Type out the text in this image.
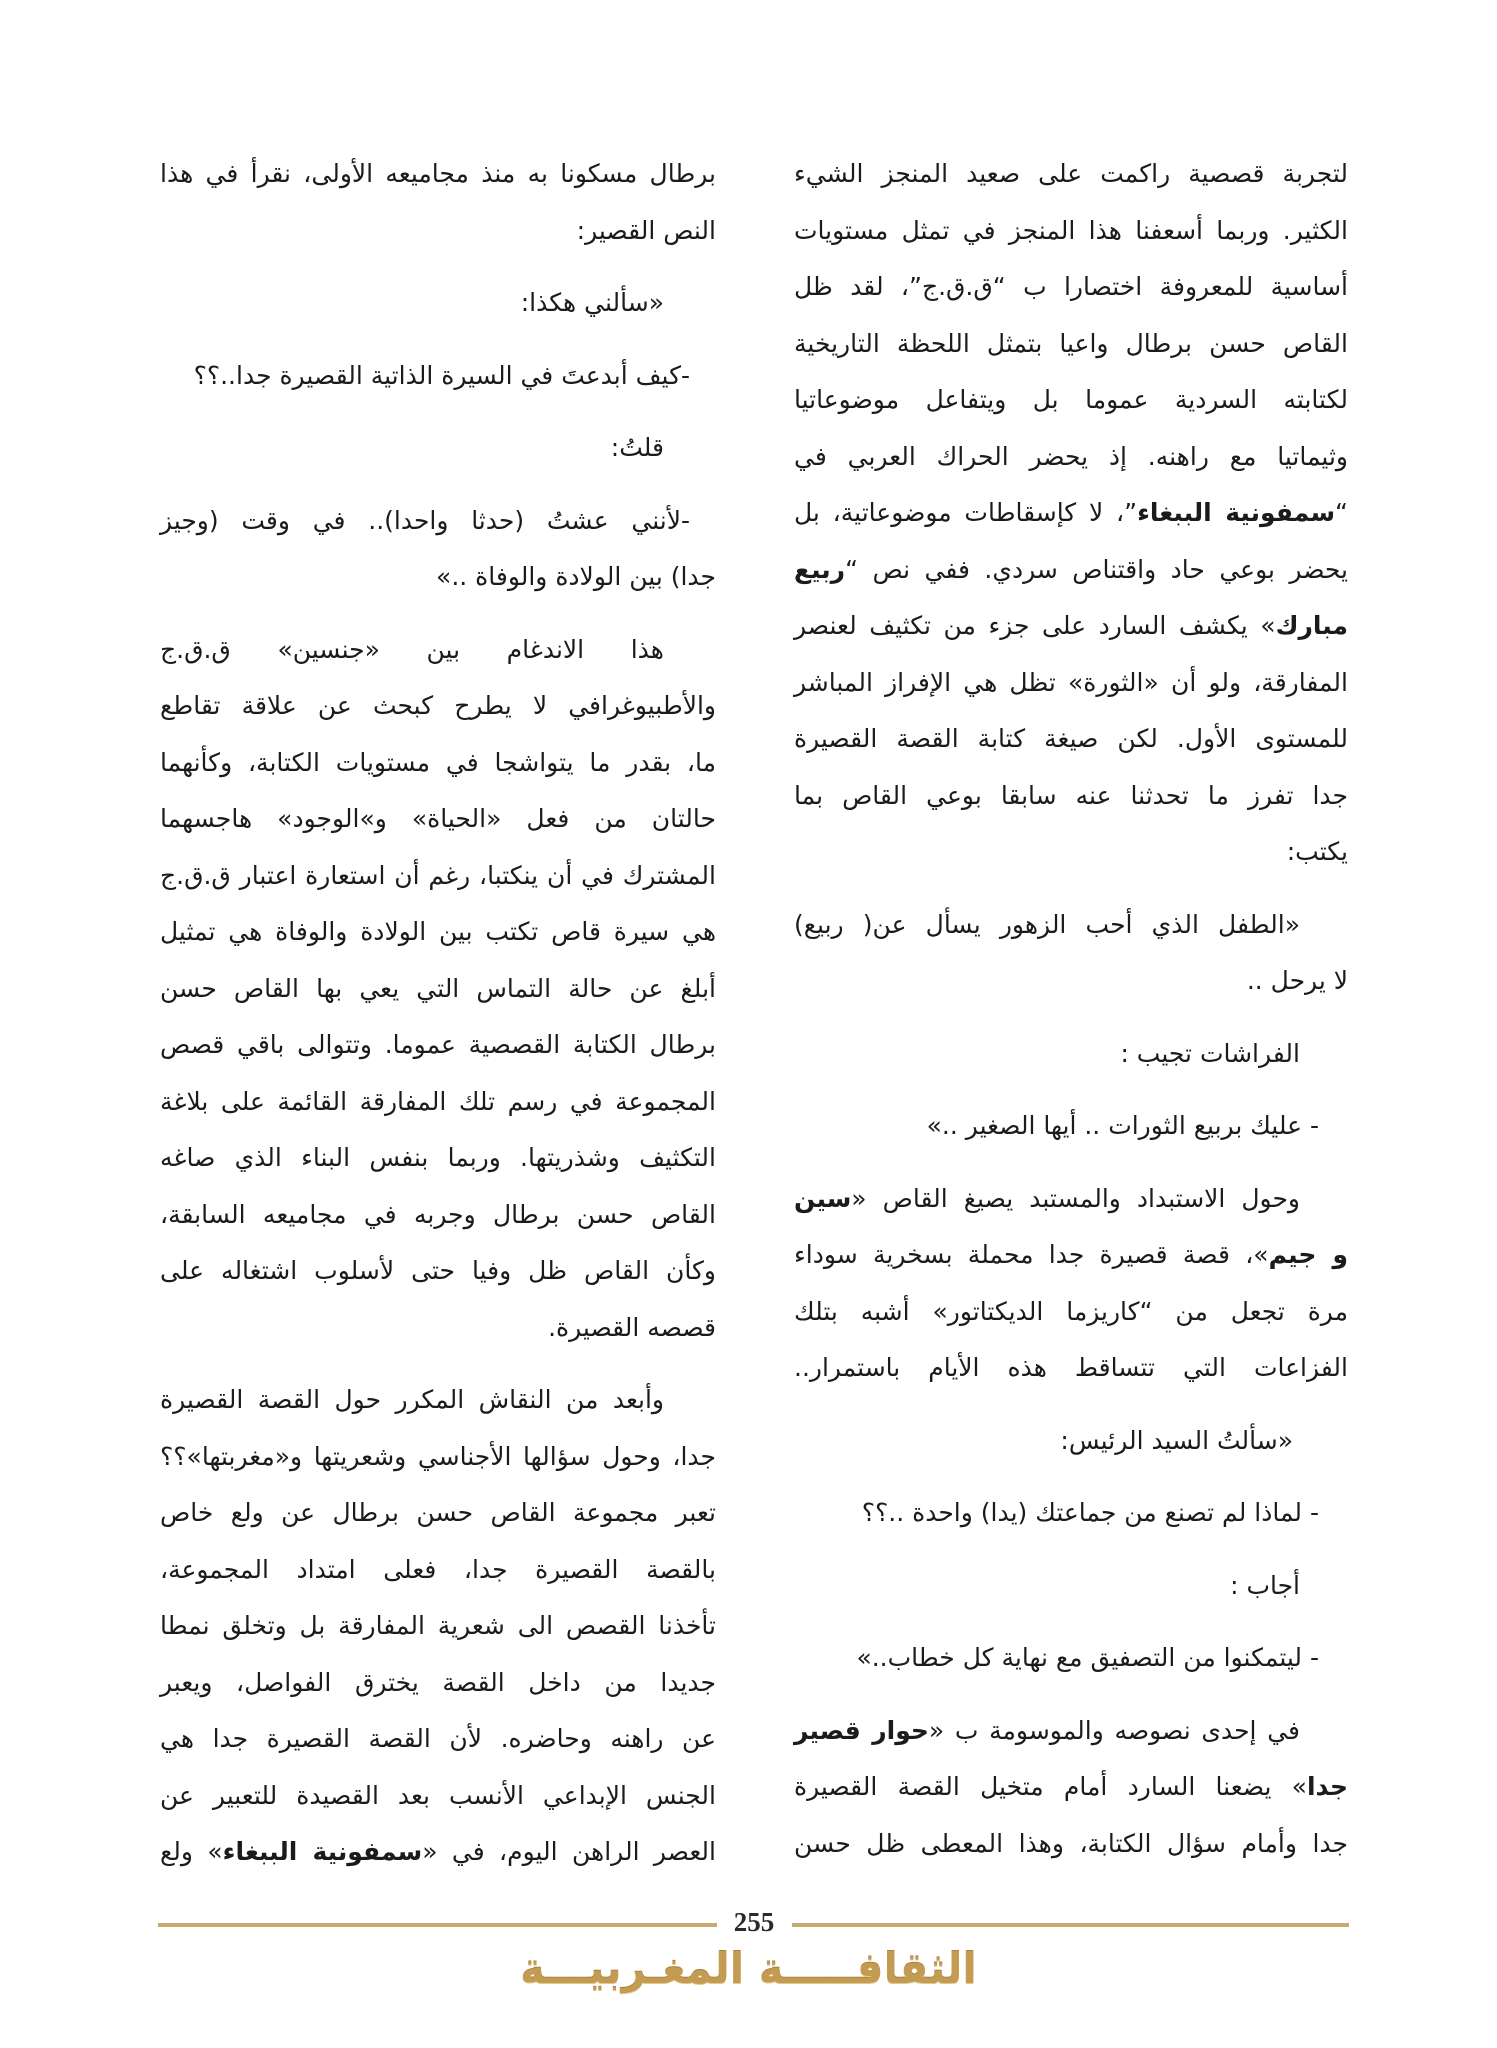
لتجربة قصصية راكمت على صعيد المنجز الشيء
الكثير. وربما أسعفنا هذا المنجز في تمثل مستويات
أساسية للمعروفة اختصارا ب “ق.ق.ج”، لقد ظل
القاص حسن برطال واعيا بتمثل اللحظة التاريخية
لكتابته السردية عموما بل ويتفاعل موضوعاتيا
وثيماتيا مع راهنه. إذ يحضر الحراك العربي في
“سمفونية الببغاء”، لا كإسقاطات موضوعاتية، بل
يحضر بوعي حاد واقتناص سردي. ففي نص “ربيع
مبارك» يكشف السارد على جزء من تكثيف لعنصر
المفارقة، ولو أن «الثورة» تظل هي الإفراز المباشر
للمستوى الأول. لكن صيغة كتابة القصة القصيرة
جدا تفرز ما تحدثنا عنه سابقا بوعي القاص بما
يكتب:
«الطفل الذي أحب الزهور يسأل عن( ربيع)
لا يرحل ..
الفراشات تجيب :
- عليك بربيع الثورات .. أيها الصغير ..»
وحول الاستبداد والمستبد يصيغ القاص «سين
و جيم»، قصة قصيرة جدا محملة بسخرية سوداء
مرة تجعل من “كاريزما الديكتاتور» أشبه بتلك
الفزاعات التي تتساقط هذه الأيام باستمرار..
«سألتُ السيد الرئيس:
- لماذا لم تصنع من جماعتك (يدا) واحدة ..؟؟
أجاب :
- ليتمكنوا من التصفيق مع نهاية كل خطاب..»
في إحدى نصوصه والموسومة ب «حوار قصير
جدا» يضعنا السارد أمام متخيل القصة القصيرة
جدا وأمام سؤال الكتابة، وهذا المعطى ظل حسن
برطال مسكونا به منذ مجاميعه الأولى، نقرأ في هذا
النص القصير:
«سألني هكذا:
-كيف أبدعتَ في السيرة الذاتية القصيرة جدا..؟؟
قلتُ:
-لأنني عشتُ (حدثا واحدا).. في وقت (وجيز
جدا) بين الولادة والوفاة ..»
هذا الاندغام بين «جنسين» ق.ق.ج
والأطبيوغرافي لا يطرح كبحث عن علاقة تقاطع
ما، بقدر ما يتواشجا في مستويات الكتابة، وكأنهما
حالتان من فعل «الحياة» و»الوجود» هاجسهما
المشترك في أن ينكتبا، رغم أن استعارة اعتبار ق.ق.ج
هي سيرة قاص تكتب بين الولادة والوفاة هي تمثيل
أبلغ عن حالة التماس التي يعي بها القاص حسن
برطال الكتابة القصصية عموما. وتتوالى باقي قصص
المجموعة في رسم تلك المفارقة القائمة على بلاغة
التكثيف وشذريتها. وربما بنفس البناء الذي صاغه
القاص حسن برطال وجربه في مجاميعه السابقة،
وكأن القاص ظل وفيا حتى لأسلوب اشتغاله على
قصصه القصيرة.
وأبعد من النقاش المكرر حول القصة القصيرة
جدا، وحول سؤالها الأجناسي وشعريتها و«مغربتها»؟؟
تعبر مجموعة القاص حسن برطال عن ولع خاص
بالقصة القصيرة جدا، فعلى امتداد المجموعة،
تأخذنا القصص الى شعرية المفارقة بل وتخلق نمطا
جديدا من داخل القصة يخترق الفواصل، ويعبر
عن راهنه وحاضره. لأن القصة القصيرة جدا هي
الجنس الإبداعي الأنسب بعد القصيدة للتعبير عن
العصر الراهن اليوم، في «سمفونية الببغاء» ولع
255
الثقافـــــة المغـربيـــة
